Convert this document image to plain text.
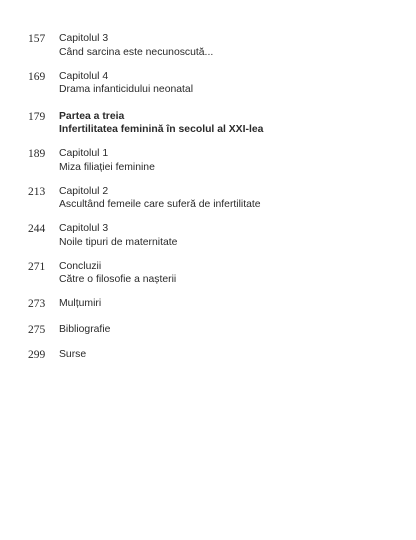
157	Capitolul 3
Când sarcina este necunoscută...
169	Capitolul 4
Drama infanticidului neonatal
179	Partea a treia
Infertilitatea feminină în secolul al XXI-lea
189	Capitolul 1
Miza filiației feminine
213	Capitolul 2
Ascultând femeile care suferă de infertilitate
244	Capitolul 3
Noile tipuri de maternitate
271	Concluzii
Către o filosofie a nașterii
273	Mulțumiri
275	Bibliografie
299	Surse
